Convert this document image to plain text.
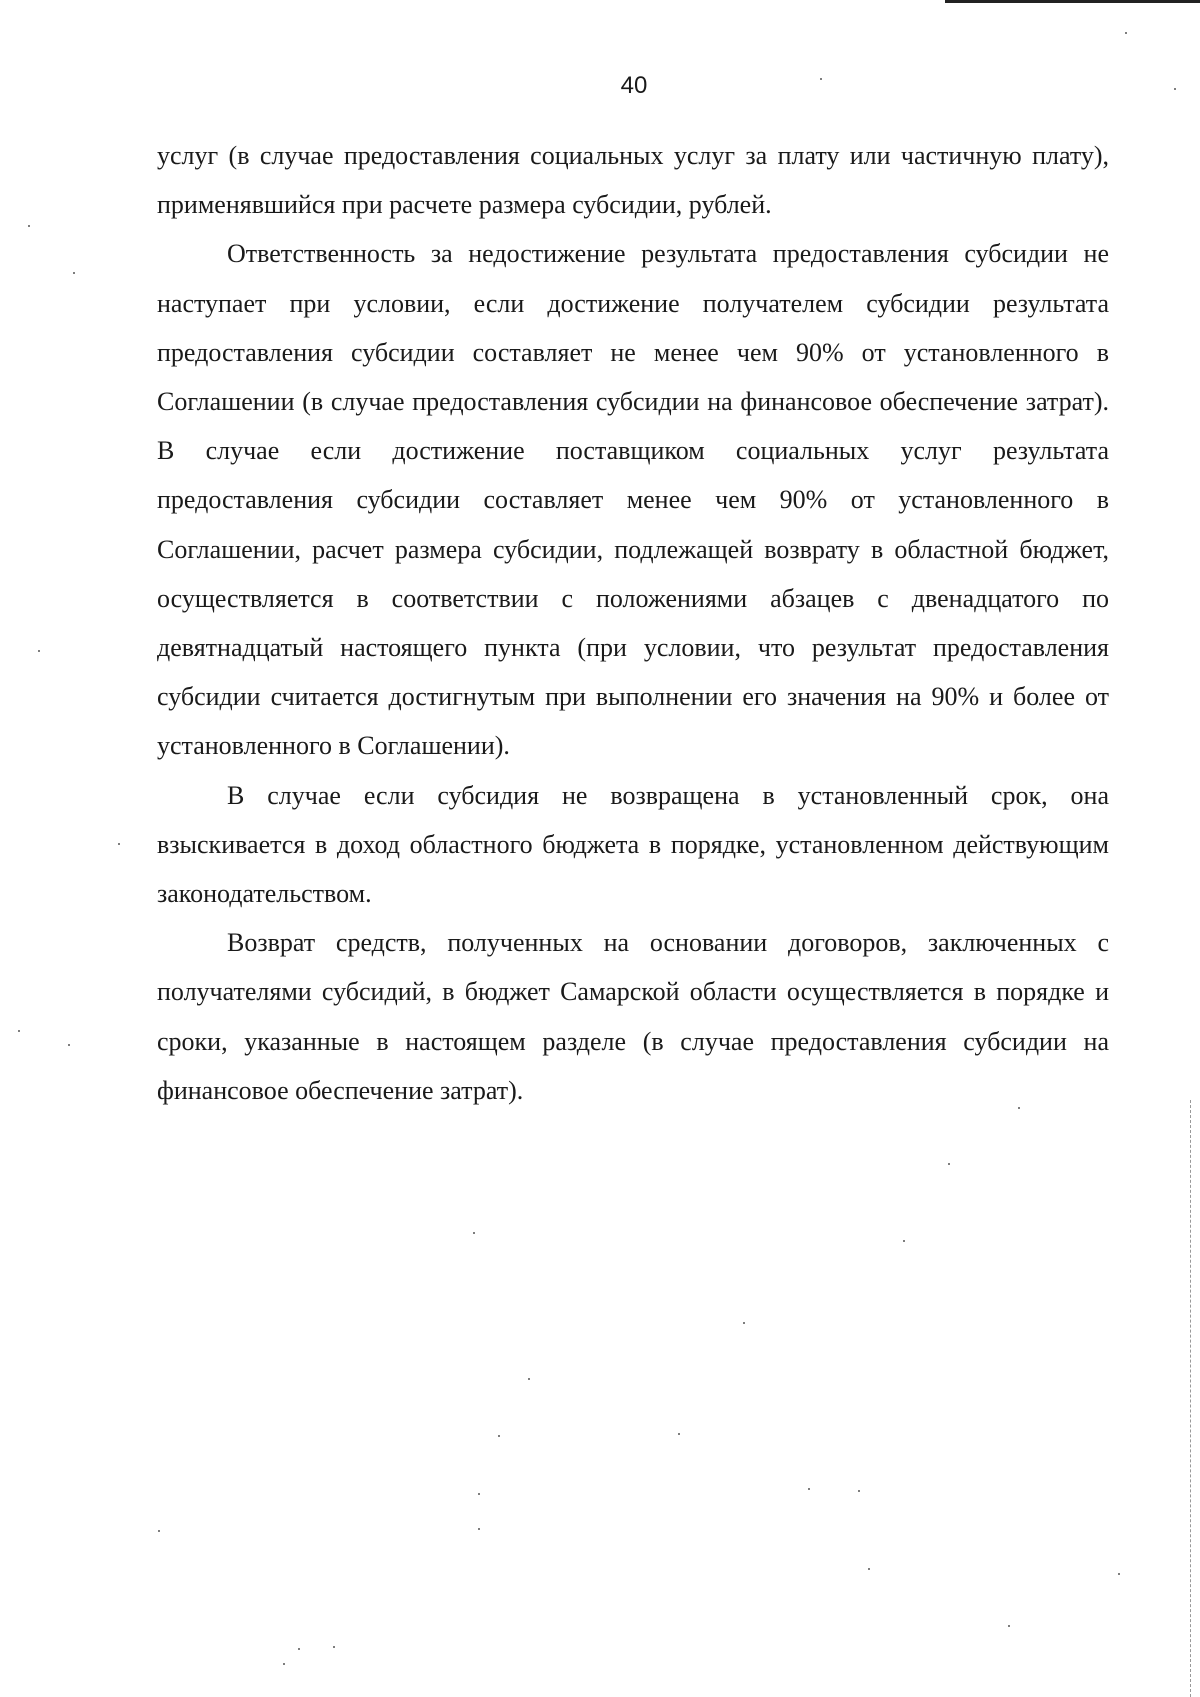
40

услуг (в случае предоставления социальных услуг за плату или частичную плату), применявшийся при расчете размера субсидии, рублей.

Ответственность за недостижение результата предоставления субсидии не наступает при условии, если достижение получателем субсидии результата предоставления субсидии составляет не менее чем 90% от установленного в Соглашении (в случае предоставления субсидии на финансовое обеспечение затрат). В случае если достижение поставщиком социальных услуг результата предоставления субсидии составляет менее чем 90% от установленного в Соглашении, расчет размера субсидии, подлежащей возврату в областной бюджет, осуществляется в соответствии с положениями абзацев с двенадцатого по девятнадцатый настоящего пункта (при условии, что результат предоставления субсидии считается достигнутым при выполнении его значения на 90% и более от установленного в Соглашении).

В случае если субсидия не возвращена в установленный срок, она взыскивается в доход областного бюджета в порядке, установленном действующим законодательством.

Возврат средств, полученных на основании договоров, заключенных с получателями субсидий, в бюджет Самарской области осуществляется в порядке и сроки, указанные в настоящем разделе (в случае предоставления субсидии на финансовое обеспечение затрат).
